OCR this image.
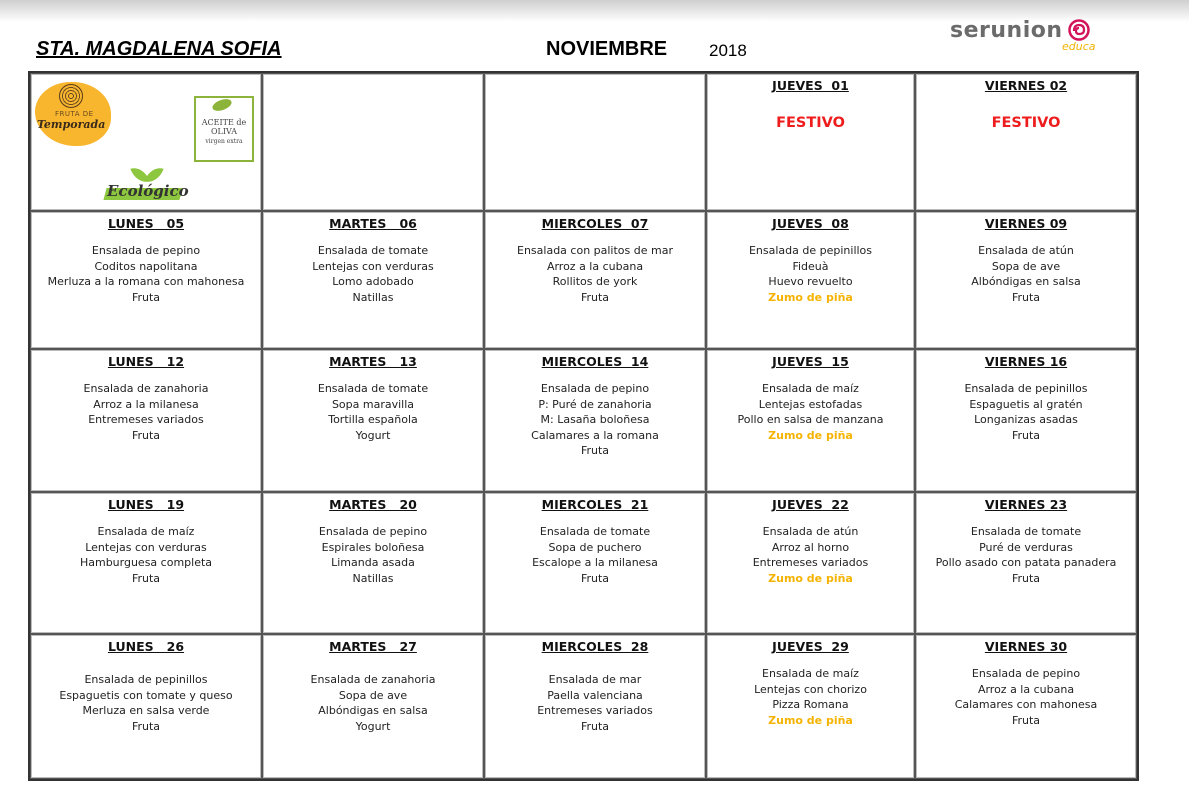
STA. MAGDALENA SOFIA	NOVIEMBRE 2018
serunion
educa
FRUTA DE
Temporada	ACEITE de
OLIVA
virgen extra
Ecológico
			JUEVES  01
FESTIVO
	VIERNES 02
FESTIVO

LUNES   05
Ensalada de pepino
Coditos napolitana
Merluza a la romana con mahonesa
Fruta	MARTES   06
Ensalada de tomate
Lentejas con verduras
Lomo adobado
Natillas	MIERCOLES  07
Ensalada con palitos de mar
Arroz a la cubana
Rollitos de york
Fruta	JUEVES  08
Ensalada de pepinillos
Fideuà
Huevo revuelto
Zumo de piña	VIERNES 09
Ensalada de atún
Sopa de ave
Albóndigas en salsa
Fruta

LUNES   12
Ensalada de zanahoria
Arroz a la milanesa
Entremeses variados
Fruta
	MARTES   13
Ensalada de tomate
Sopa maravilla
Tortilla española
Yogurt
	MIERCOLES  14
Ensalada de pepino
P: Puré de zanahoria
M: Lasaña boloñesa
Calamares a la romana
Fruta
	JUEVES  15
Ensalada de maíz
Lentejas estofadas
Pollo en salsa de manzana
Zumo de piña
	VIERNES 16
Ensalada de pepinillos
Espaguetis al gratén
Longanizas asadas
Fruta

LUNES   19
Ensalada de maíz
Lentejas con verduras
Hamburguesa completa
Fruta	MARTES   20
Ensalada de pepino
Espirales boloñesa
Limanda asada
Natillas	MIERCOLES  21
Ensalada de tomate
Sopa de puchero
Escalope a la milanesa
Fruta	JUEVES  22
Ensalada de atún
Arroz al horno
Entremeses variados
Zumo de piña	VIERNES 23
Ensalada de tomate
Puré de verduras
Pollo asado con patata panadera
Fruta

LUNES   26
Ensalada de pepinillos
Espaguetis con tomate y queso
Merluza en salsa verde
Fruta	MARTES   27
Ensalada de zanahoria
Sopa de ave
Albóndigas en salsa
Yogurt	MIERCOLES  28
Ensalada de mar
Paella valenciana
Entremeses variados
Fruta	JUEVES  29
Ensalada de maíz
Lentejas con chorizo
Pizza Romana
Zumo de piña	VIERNES 30
Ensalada de pepino
Arroz a la cubana
Calamares con mahonesa
Fruta
